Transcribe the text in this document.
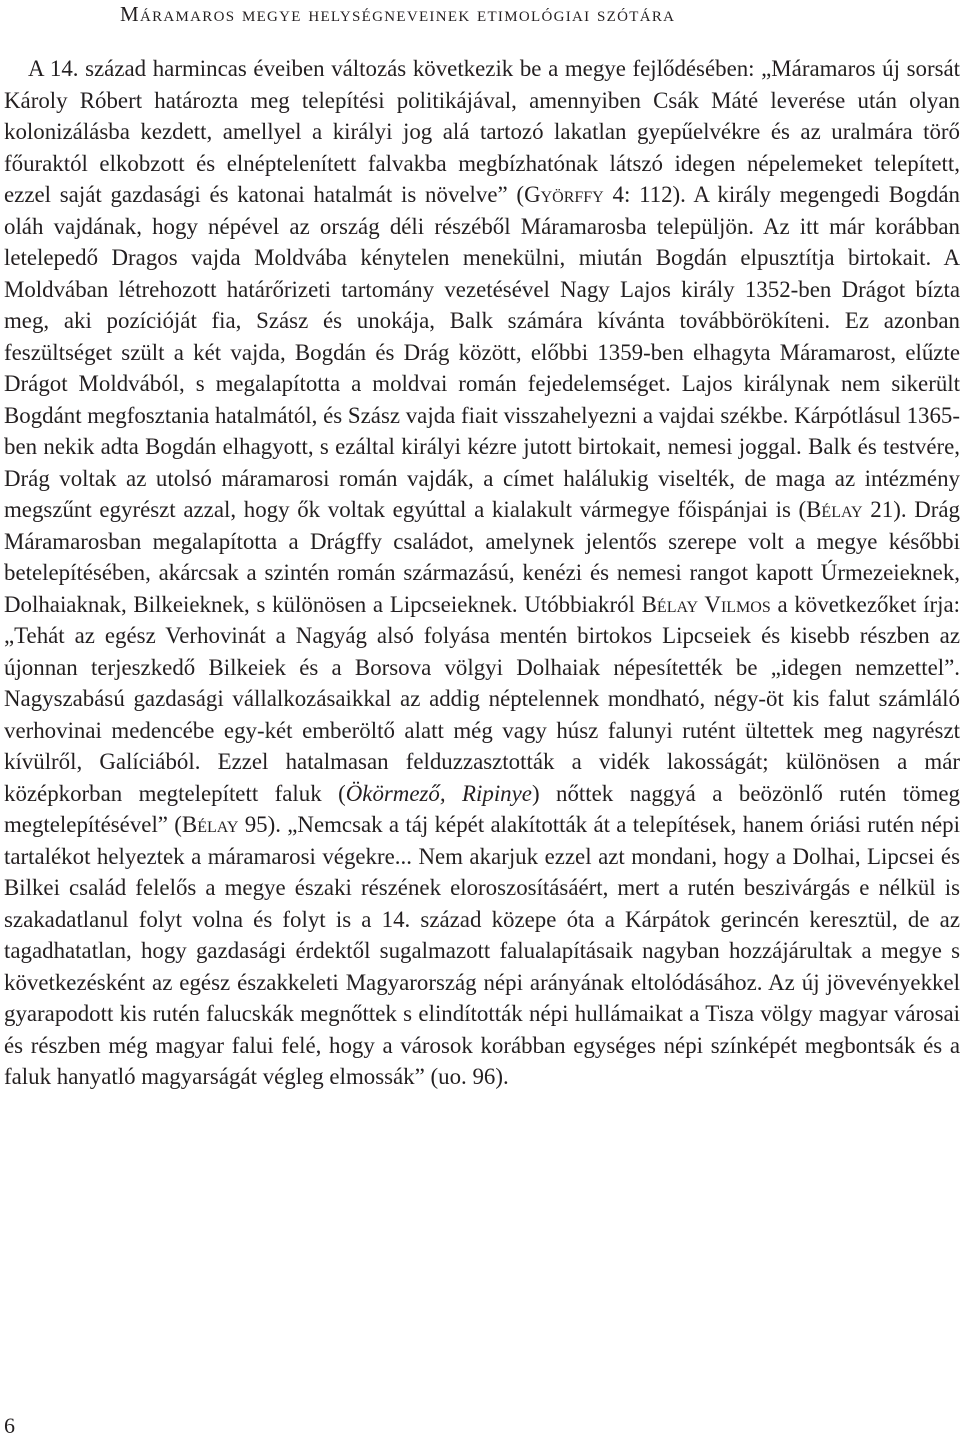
Máramaros megye helységneveinek etimológiai szótára

A 14. század harmincas éveiben változás következik be a megye fejlődésében: „Máramaros új sorsát Károly Róbert határozta meg telepítési politikájával, amennyiben Csák Máté leverése után olyan kolonizálásba kezdett, amellyel a királyi jog alá tartozó lakatlan gyepűelvékre és az uralmára törő főuraktól elkobzott és elnéptelenített falvakba megbízhatónak látszó idegen népelemeket telepített, ezzel saját gazdasági és katonai hatalmát is növelve” (Györffy 4: 112). A király megengedi Bogdán oláh vajdának, hogy népével az ország déli részéből Máramarosba települjön. Az itt már korábban letelepedő Dragos vajda Moldvába kénytelen menekülni, miután Bogdán elpusztítja birtokait. A Moldvában létrehozott határőrizeti tartomány vezetésével Nagy Lajos király 1352-ben Drágot bízta meg, aki pozícióját fia, Szász és unokája, Balk számára kívánta továbbörökíteni. Ez azonban feszültséget szült a két vajda, Bogdán és Drág között, előbbi 1359-ben elhagyta Máramarost, elűzte Drágot Moldvából, s megalapította a moldvai román fejedelemséget. Lajos királynak nem sikerült Bogdánt megfosztania hatalmától, és Szász vajda fiait visszahelyezni a vajdai székbe. Kárpótlásul 1365-ben nekik adta Bogdán elhagyott, s ezáltal királyi kézre jutott birtokait, nemesi joggal. Balk és testvére, Drág voltak az utolsó máramarosi román vajdák, a címet halálukig viselték, de maga az intézmény megszűnt egyrészt azzal, hogy ők voltak egyúttal a kialakult vármegye főispánjai is (Bélay 21). Drág Máramarosban megalapította a Drágffy családot, amelynek jelentős szerepe volt a megye későbbi betelepítésében, akárcsak a szintén román származású, kenézi és nemesi rangot kapott Úrmezeieknek, Dolhaiaknak, Bilkeieknek, s különösen a Lipcseieknek. Utóbbiakról Bélay Vilmos a következőket írja: „Tehát az egész Verhovinát a Nagyág alsó folyása mentén birtokos Lipcseiek és kisebb részben az újonnan terjeszkedő Bilkeiek és a Borsova völgyi Dolhaiak népesítették be „idegen nemzettel”. Nagyszabású gazdasági vállalkozásaikkal az addig néptelennek mondható, négy-öt kis falut számláló verhovinai medencébe egy-két emberöltő alatt még vagy húsz falunyi rutént ültettek meg nagyrészt kívülről, Galíciából. Ezzel hatalmasan felduzzasztották a vidék lakosságát; különösen a már középkorban megtelepített faluk (Ökörmező, Ripinye) nőttek naggyá a beözönlő rutén tömeg megtelepítésével” (Bélay 95). „Nemcsak a táj képét alakították át a telepítések, hanem óriási rutén népi tartalékot helyeztek a máramarosi végekre... Nem akarjuk ezzel azt mondani, hogy a Dolhai, Lipcsei és Bilkei család felelős a megye északi részének eloroszosításáért, mert a rutén beszivárgás e nélkül is szakadatlanul folyt volna és folyt is a 14. század közepe óta a Kárpátok gerincén keresztül, de az tagadhatatlan, hogy gazdasági érdektől sugalmazott falualapításaik nagyban hozzájárultak a megye s következésként az egész északkeleti Magyarország népi arányának eltolódásához. Az új jövevényekkel gyarapodott kis rutén falucskák megnőttek s elindították népi hullámaikat a Tisza völgy magyar városai és részben még magyar falui felé, hogy a városok korábban egységes népi színképét megbontsák és a faluk hanyatló magyarságát végleg elmossák” (uo. 96).

6
